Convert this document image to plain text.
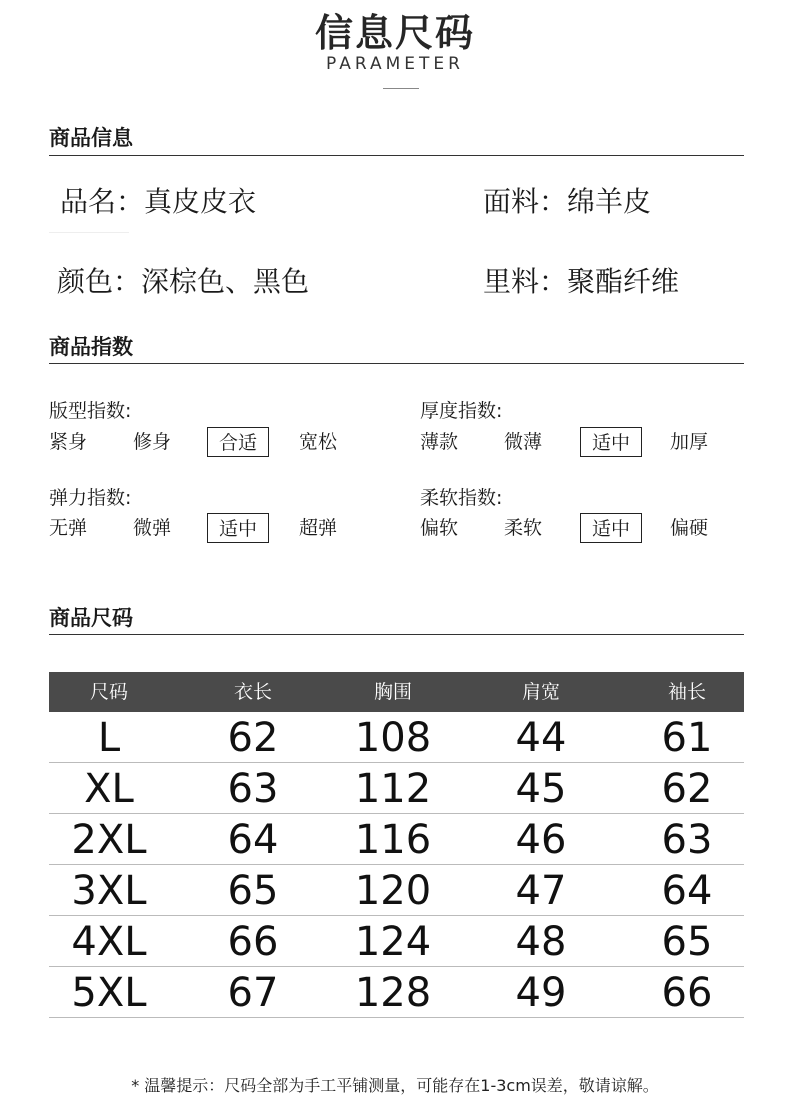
信息尺码
PARAMETER
商品信息
品名：真皮皮衣	面料：绵羊皮
颜色：深棕色、黑色	里料：聚酯纤维
商品指数
版型指数:
紧身 修身	合适	宽松
厚度指数:
薄款 微薄	适中	加厚
弹力指数:
无弹 微弹	适中	超弹
柔软指数:
偏软 柔软	适中	偏硬
商品尺码
尺码	衣长	胸围	肩宽	袖长
L	62	108	44	61
XL	63	112	45	62
2XL	64	116	46	63
3XL	65	120	47	64
4XL	66	124	48	65
5XL	67	128	49	66
* 温馨提示：尺码全部为手工平铺测量，可能存在1-3cm误差，敬请谅解。
